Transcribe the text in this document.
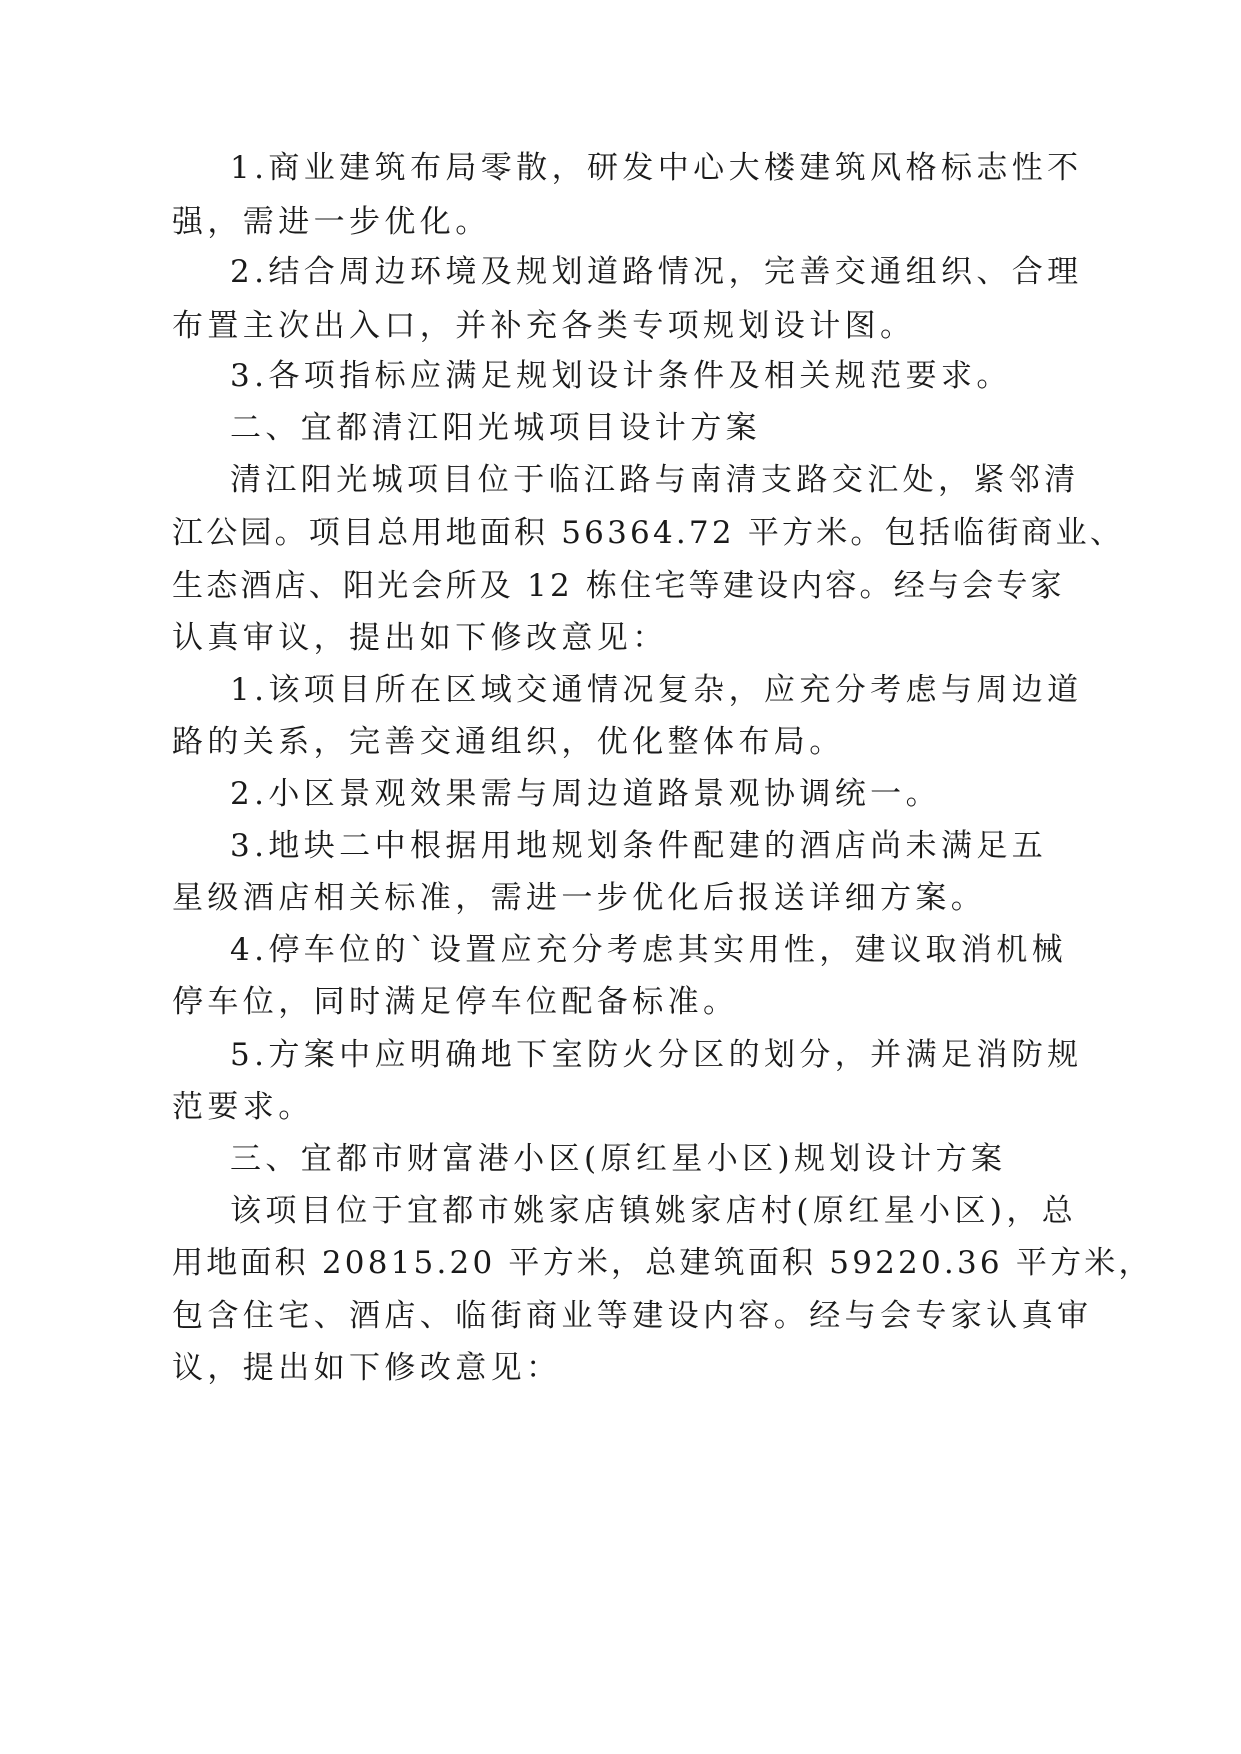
1.商业建筑布局零散，研发中心大楼建筑风格标志性不
强，需进一步优化。
2.结合周边环境及规划道路情况，完善交通组织、合理
布置主次出入口，并补充各类专项规划设计图。
3.各项指标应满足规划设计条件及相关规范要求。
二、宜都清江阳光城项目设计方案
清江阳光城项目位于临江路与南清支路交汇处，紧邻清
江公园。项目总用地面积 56364.72 平方米。包括临街商业、
生态酒店、阳光会所及 12 栋住宅等建设内容。经与会专家
认真审议，提出如下修改意见：
1.该项目所在区域交通情况复杂，应充分考虑与周边道
路的关系，完善交通组织，优化整体布局。
2.小区景观效果需与周边道路景观协调统一。
3.地块二中根据用地规划条件配建的酒店尚未满足五
星级酒店相关标准，需进一步优化后报送详细方案。
4.停车位的`设置应充分考虑其实用性，建议取消机械
停车位，同时满足停车位配备标准。
5.方案中应明确地下室防火分区的划分，并满足消防规
范要求。
三、宜都市财富港小区(原红星小区)规划设计方案
该项目位于宜都市姚家店镇姚家店村(原红星小区)，总
用地面积 20815.20 平方米，总建筑面积 59220.36 平方米，
包含住宅、酒店、临街商业等建设内容。经与会专家认真审
议，提出如下修改意见：
